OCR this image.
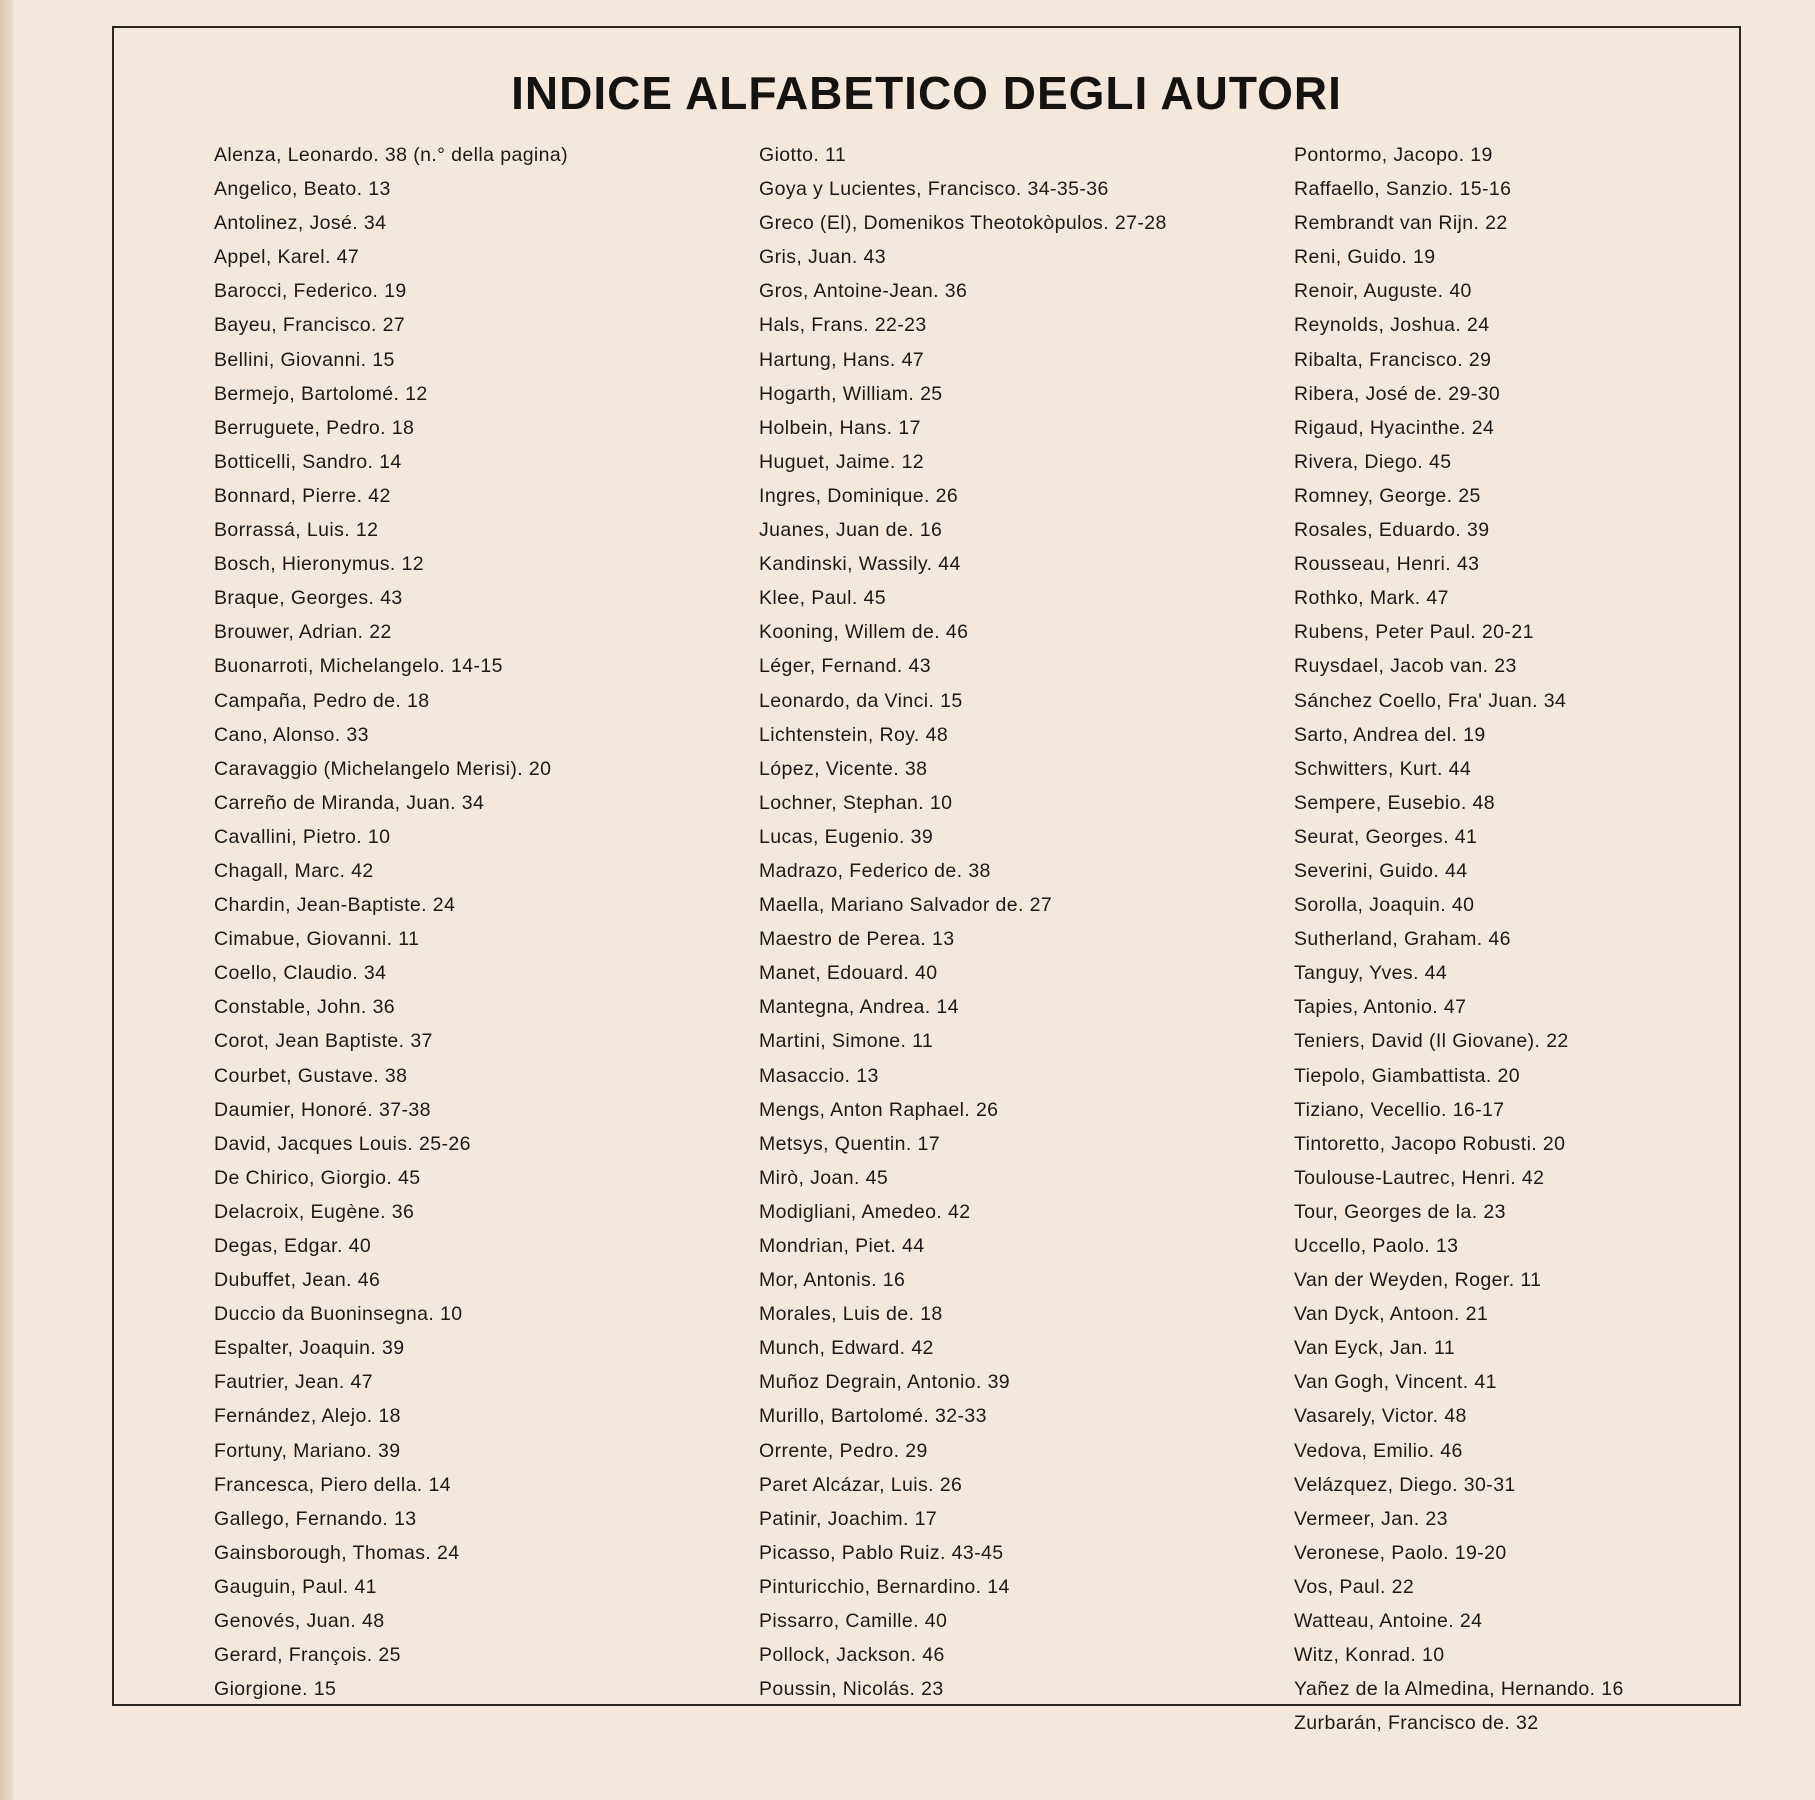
INDICE ALFABETICO DEGLI AUTORI
Alenza, Leonardo. 38 (n.° della pagina)
Angelico, Beato. 13
Antolinez, José. 34
Appel, Karel. 47
Barocci, Federico. 19
Bayeu, Francisco. 27
Bellini, Giovanni. 15
Bermejo, Bartolomé. 12
Berruguete, Pedro. 18
Botticelli, Sandro. 14
Bonnard, Pierre. 42
Borrassá, Luis. 12
Bosch, Hieronymus. 12
Braque, Georges. 43
Brouwer, Adrian. 22
Buonarroti, Michelangelo. 14-15
Campaña, Pedro de. 18
Cano, Alonso. 33
Caravaggio (Michelangelo Merisi). 20
Carreño de Miranda, Juan. 34
Cavallini, Pietro. 10
Chagall, Marc. 42
Chardin, Jean-Baptiste. 24
Cimabue, Giovanni. 11
Coello, Claudio. 34
Constable, John. 36
Corot, Jean Baptiste. 37
Courbet, Gustave. 38
Daumier, Honoré. 37-38
David, Jacques Louis. 25-26
De Chirico, Giorgio. 45
Delacroix, Eugène. 36
Degas, Edgar. 40
Dubuffet, Jean. 46
Duccio da Buoninsegna. 10
Espalter, Joaquin. 39
Fautrier, Jean. 47
Fernández, Alejo. 18
Fortuny, Mariano. 39
Francesca, Piero della. 14
Gallego, Fernando. 13
Gainsborough, Thomas. 24
Gauguin, Paul. 41
Genovés, Juan. 48
Gerard, François. 25
Giorgione. 15
Giotto. 11
Goya y Lucientes, Francisco. 34-35-36
Greco (El), Domenikos Theotokòpulos. 27-28
Gris, Juan. 43
Gros, Antoine-Jean. 36
Hals, Frans. 22-23
Hartung, Hans. 47
Hogarth, William. 25
Holbein, Hans. 17
Huguet, Jaime. 12
Ingres, Dominique. 26
Juanes, Juan de. 16
Kandinski, Wassily. 44
Klee, Paul. 45
Kooning, Willem de. 46
Léger, Fernand. 43
Leonardo, da Vinci. 15
Lichtenstein, Roy. 48
López, Vicente. 38
Lochner, Stephan. 10
Lucas, Eugenio. 39
Madrazo, Federico de. 38
Maella, Mariano Salvador de. 27
Maestro de Perea. 13
Manet, Edouard. 40
Mantegna, Andrea. 14
Martini, Simone. 11
Masaccio. 13
Mengs, Anton Raphael. 26
Metsys, Quentin. 17
Mirò, Joan. 45
Modigliani, Amedeo. 42
Mondrian, Piet. 44
Mor, Antonis. 16
Morales, Luis de. 18
Munch, Edward. 42
Muñoz Degrain, Antonio. 39
Murillo, Bartolomé. 32-33
Orrente, Pedro. 29
Paret Alcázar, Luis. 26
Patinir, Joachim. 17
Picasso, Pablo Ruiz. 43-45
Pinturicchio, Bernardino. 14
Pissarro, Camille. 40
Pollock, Jackson. 46
Poussin, Nicolás. 23
Pontormo, Jacopo. 19
Raffaello, Sanzio. 15-16
Rembrandt van Rijn. 22
Reni, Guido. 19
Renoir, Auguste. 40
Reynolds, Joshua. 24
Ribalta, Francisco. 29
Ribera, José de. 29-30
Rigaud, Hyacinthe. 24
Rivera, Diego. 45
Romney, George. 25
Rosales, Eduardo. 39
Rousseau, Henri. 43
Rothko, Mark. 47
Rubens, Peter Paul. 20-21
Ruysdael, Jacob van. 23
Sánchez Coello, Fra' Juan. 34
Sarto, Andrea del. 19
Schwitters, Kurt. 44
Sempere, Eusebio. 48
Seurat, Georges. 41
Severini, Guido. 44
Sorolla, Joaquin. 40
Sutherland, Graham. 46
Tanguy, Yves. 44
Tapies, Antonio. 47
Teniers, David (Il Giovane). 22
Tiepolo, Giambattista. 20
Tiziano, Vecellio. 16-17
Tintoretto, Jacopo Robusti. 20
Toulouse-Lautrec, Henri. 42
Tour, Georges de la. 23
Uccello, Paolo. 13
Van der Weyden, Roger. 11
Van Dyck, Antoon. 21
Van Eyck, Jan. 11
Van Gogh, Vincent. 41
Vasarely, Victor. 48
Vedova, Emilio. 46
Velázquez, Diego. 30-31
Vermeer, Jan. 23
Veronese, Paolo. 19-20
Vos, Paul. 22
Watteau, Antoine. 24
Witz, Konrad. 10
Yañez de la Almedina, Hernando. 16
Zurbarán, Francisco de. 32
